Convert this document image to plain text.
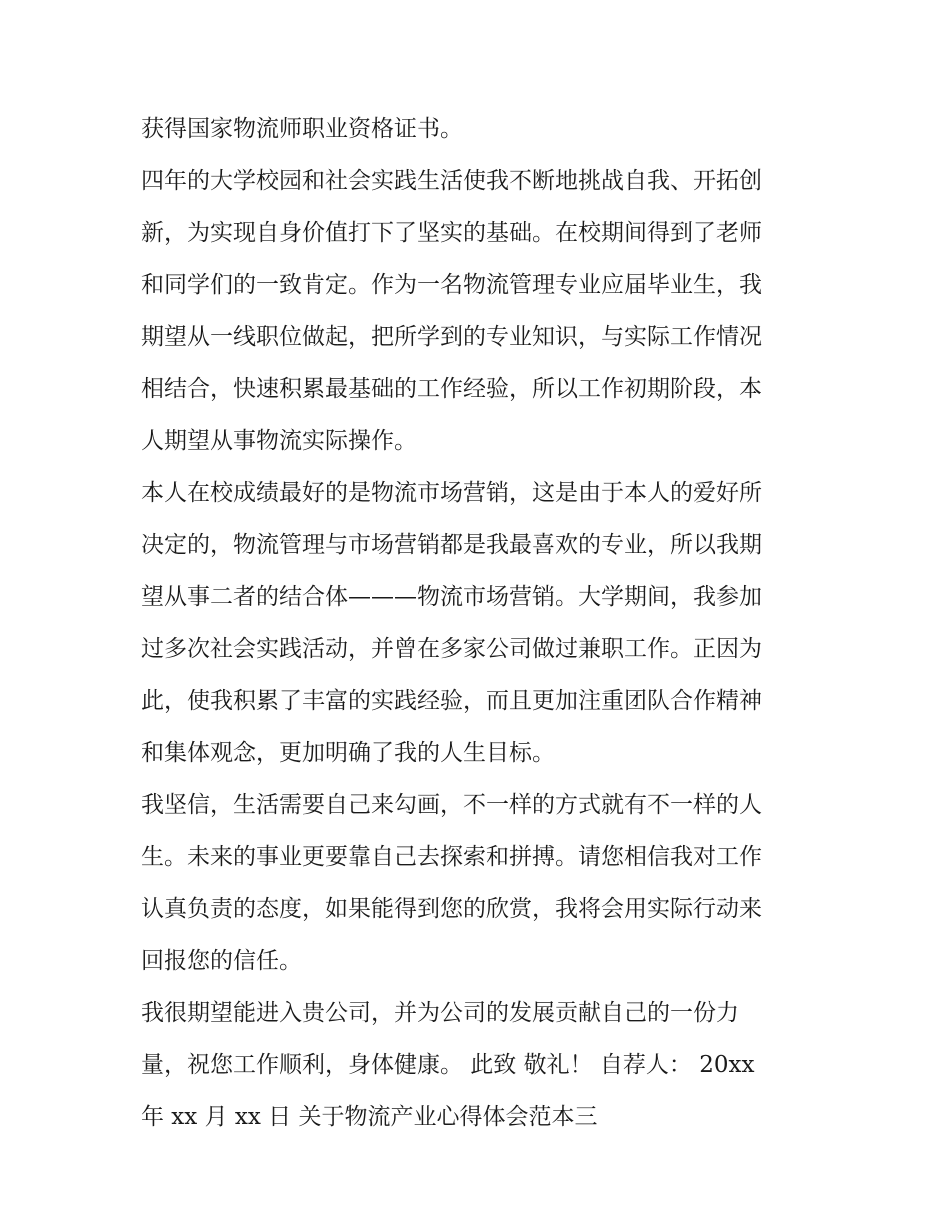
获得国家物流师职业资格证书。
四年的大学校园和社会实践生活使我不断地挑战自我、开拓创
新，为实现自身价值打下了坚实的基础。在校期间得到了老师
和同学们的一致肯定。作为一名物流管理专业应届毕业生，我
期望从一线职位做起，把所学到的专业知识，与实际工作情况
相结合，快速积累最基础的工作经验，所以工作初期阶段，本
人期望从事物流实际操作。
本人在校成绩最好的是物流市场营销，这是由于本人的爱好所
决定的，物流管理与市场营销都是我最喜欢的专业，所以我期
望从事二者的结合体———物流市场营销。大学期间，我参加
过多次社会实践活动，并曾在多家公司做过兼职工作。正因为
此，使我积累了丰富的实践经验，而且更加注重团队合作精神
和集体观念，更加明确了我的人生目标。
我坚信，生活需要自己来勾画，不一样的方式就有不一样的人
生。未来的事业更要靠自己去探索和拼搏。请您相信我对工作
认真负责的态度，如果能得到您的欣赏，我将会用实际行动来
回报您的信任。
我很期望能进入贵公司，并为公司的发展贡献自己的一份力
量，祝您工作顺利，身体健康。 此致 敬礼！ 自荐人： 20xx
年 xx 月 xx 日 关于物流产业心得体会范本三
